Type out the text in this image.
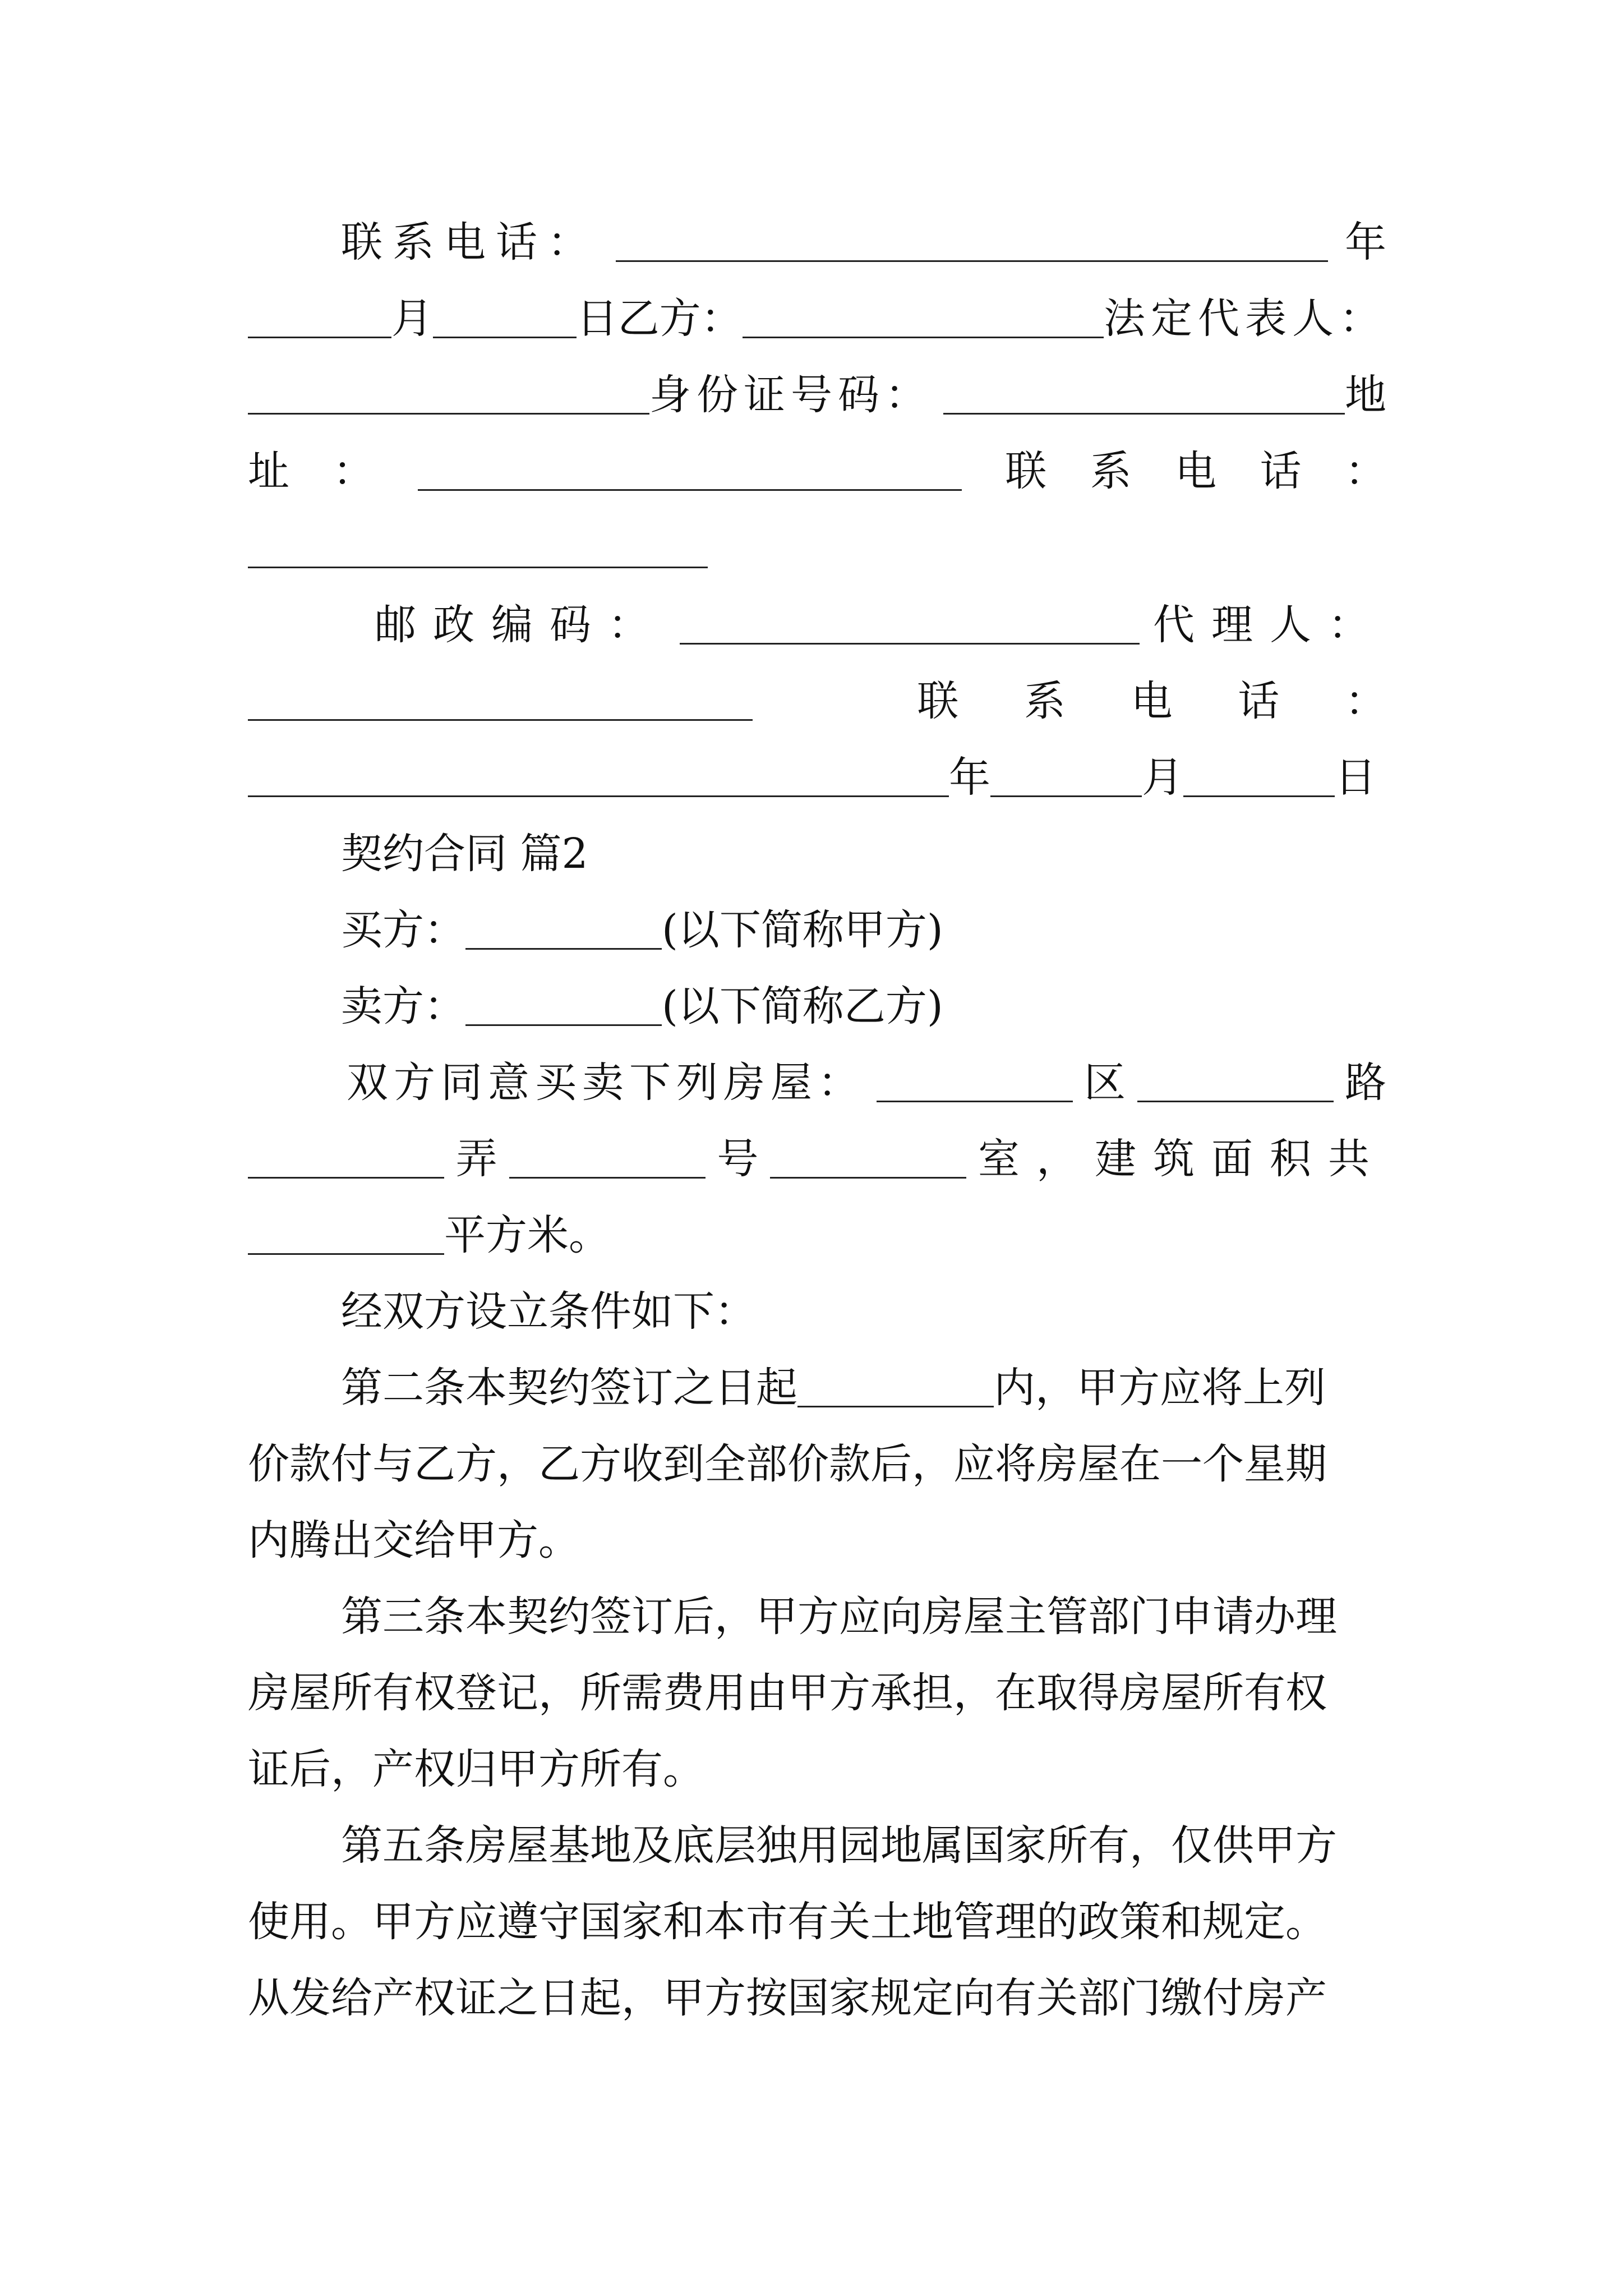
联系电话：	年
月	日乙方：	法定代表人：
身份证号码：	地
址 ：	联 系 电 话 ：
邮政编码：	代理人：
联 系 电 话 ：
年	月	日
契约合同 篇2
买方：	(以下简称甲方)
卖方：	(以下简称乙方)
双方同意买卖下列房屋：	区	路
弄	号	室，建筑面积共
平方米。
经双方设立条件如下：
第二条本契约签订之日起	内，甲方应将上列
价款付与乙方，乙方收到全部价款后，应将房屋在一个星期
内腾出交给甲方。
第三条本契约签订后，甲方应向房屋主管部门申请办理
房屋所有权登记，所需费用由甲方承担，在取得房屋所有权
证后，产权归甲方所有。
第五条房屋基地及底层独用园地属国家所有，仅供甲方
使用。甲方应遵守国家和本市有关土地管理的政策和规定。
从发给产权证之日起，甲方按国家规定向有关部门缴付房产
